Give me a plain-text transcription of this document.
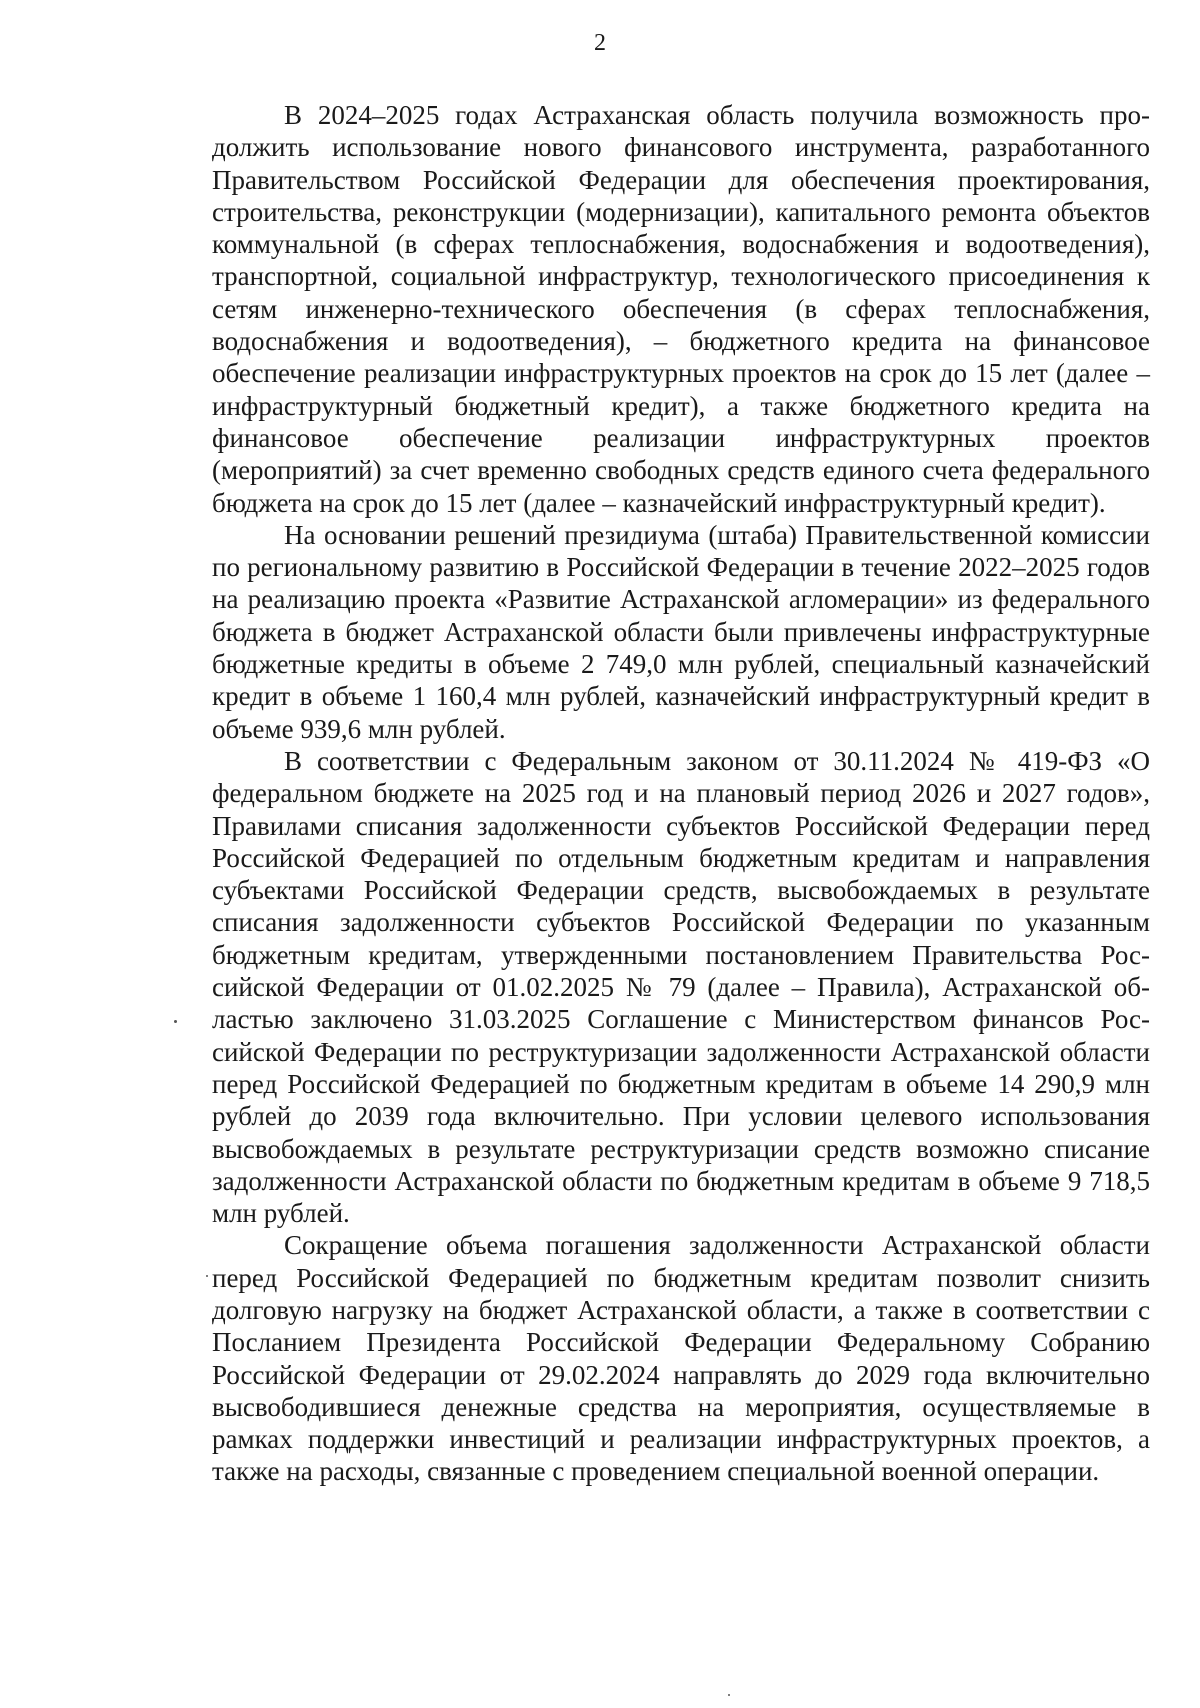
2

В 2024–2025 годах Астраханская область получила возможность продолжить использование нового финансового инструмента, разработанного Правительством Российской Федерации для обеспечения проектирования, строительства, реконструкции (модернизации), капитального ремонта объектов коммунальной (в сферах теплоснабжения, водоснабжения и водоотведения), транспортной, социальной инфраструктур, технологического присоединения к сетям инженерно-технического обеспечения (в сферах теплоснабжения, водоснабжения и водоотведения), – бюджетного кредита на финансовое обеспечение реализации инфраструктурных проектов на срок до 15 лет (далее – инфраструктурный бюджетный кредит), а также бюджетного кредита на финансовое обеспечение реализации инфраструктурных проектов (мероприятий) за счет временно свободных средств единого счета федерального бюджета на срок до 15 лет (далее – казначейский инфраструктурный кредит).

На основании решений президиума (штаба) Правительственной комиссии по региональному развитию в Российской Федерации в течение 2022–2025 годов на реализацию проекта «Развитие Астраханской агломерации» из федерального бюджета в бюджет Астраханской области были привлечены инфраструктурные бюджетные кредиты в объеме 2 749,0 млн рублей, специальный казначейский кредит в объеме 1 160,4 млн рублей, казначейский инфраструктурный кредит в объеме 939,6 млн рублей.

В соответствии с Федеральным законом от 30.11.2024 № 419-ФЗ «О федеральном бюджете на 2025 год и на плановый период 2026 и 2027 годов», Правилами списания задолженности субъектов Российской Федерации перед Российской Федерацией по отдельным бюджетным кредитам и направления субъектами Российской Федерации средств, высвобождаемых в результате списания задолженности субъектов Российской Федерации по указанным бюджетным кредитам, утвержденными постановлением Правительства Российской Федерации от 01.02.2025 № 79 (далее – Правила), Астраханской областью заключено 31.03.2025 Соглашение с Министерством финансов Российской Федерации по реструктуризации задолженности Астраханской области перед Российской Федерацией по бюджетным кредитам в объеме 14 290,9 млн рублей до 2039 года включительно. При условии целевого использования высвобождаемых в результате реструктуризации средств возможно списание задолженности Астраханской области по бюджетным кредитам в объеме 9 718,5 млн рублей.

Сокращение объема погашения задолженности Астраханской области перед Российской Федерацией по бюджетным кредитам позволит снизить долговую нагрузку на бюджет Астраханской области, а также в соответствии с Посланием Президента Российской Федерации Федеральному Собранию Российской Федерации от 29.02.2024 направлять до 2029 года включительно высвободившиеся денежные средства на мероприятия, осуществляемые в рамках поддержки инвестиций и реализации инфраструктурных проектов, а также на расходы, связанные с проведением специальной военной операции.
